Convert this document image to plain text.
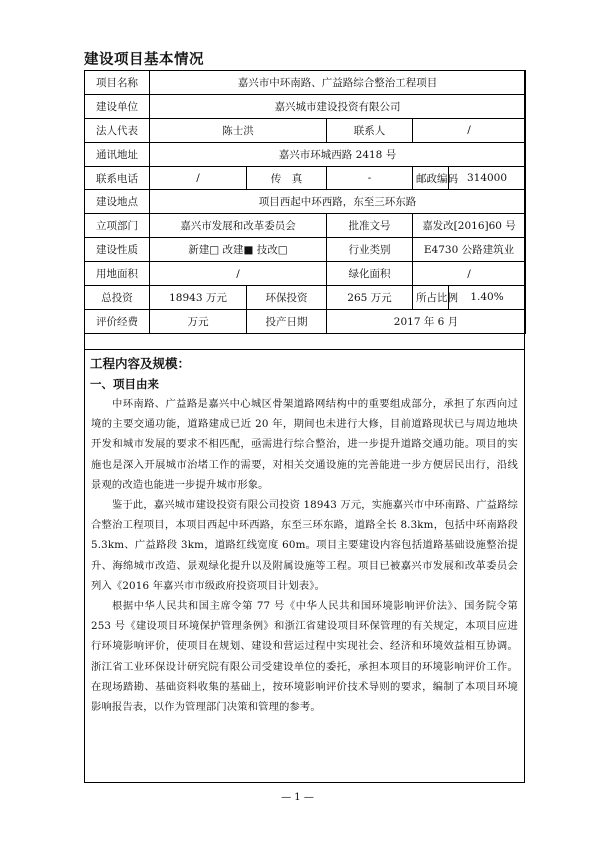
建设项目基本情况
项目名称	嘉兴市中环南路、广益路综合整治工程项目				
建设单位	嘉兴城市建设投资有限公司				
法人代表	陈士洪		联系人	/	
通讯地址	嘉兴市环城西路 2418 号				
联系电话	/	传　真	-	邮政编码	314000
建设地点	项目西起中环西路，东至三环东路				
立项部门	嘉兴市发展和改革委员会		批准文号	嘉发改[2016]60 号	
建设性质	新建□ 改建■ 技改□		行业类别	E4730 公路建筑业	
用地面积	/		绿化面积	/	
总投资	18943 万元	环保投资	265 万元	所占比例	1.40%
评价经费	万元	投产日期	2017 年 6 月		
工程内容及规模：
一、项目由来

中环南路、广益路是嘉兴中心城区骨架道路网结构中的重要组成部分，承担了东西向过境的主要交通功能，道路建成已近 20 年，期间也未进行大修，目前道路现状已与周边地块开发和城市发展的要求不相匹配，亟需进行综合整治，进一步提升道路交通功能。项目的实施也是深入开展城市治堵工作的需要，对相关交通设施的完善能进一步方便居民出行，沿线景观的改造也能进一步提升城市形象。

鉴于此，嘉兴城市建设投资有限公司投资 18943 万元，实施嘉兴市中环南路、广益路综合整治工程项目，本项目西起中环西路，东至三环东路，道路全长 8.3km，包括中环南路段 5.3km、广益路段 3km，道路红线宽度 60m。项目主要建设内容包括道路基础设施整治提升、海绵城市改造、景观绿化提升以及附属设施等工程。项目已被嘉兴市发展和改革委员会列入《2016 年嘉兴市市级政府投资项目计划表》。

根据中华人民共和国主席令第 77 号《中华人民共和国环境影响评价法》、国务院令第 253 号《建设项目环境保护管理条例》和浙江省建设项目环保管理的有关规定，本项目应进行环境影响评价，使项目在规划、建设和营运过程中实现社会、经济和环境效益相互协调。浙江省工业环保设计研究院有限公司受建设单位的委托，承担本项目的环境影响评价工作。在现场踏勘、基础资料收集的基础上，按环境影响评价技术导则的要求，编制了本项目环境影响报告表，以作为管理部门决策和管理的参考。

— 1 —
